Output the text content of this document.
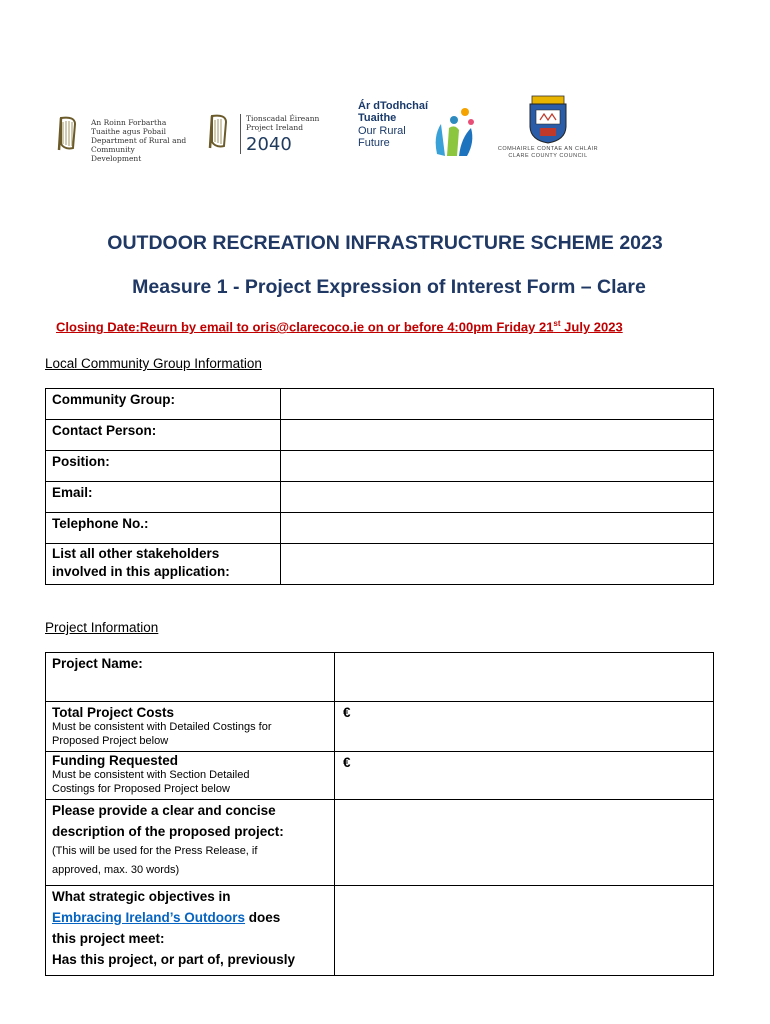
An Roinn Forbartha
Tuaithe agus Pobail
Department of Rural and
Community Development
Tionscadal Éireann
Project Ireland
2040
Ár dTodhchaí
Tuaithe
Our Rural
Future	COMHAIRLE CONTAE AN CHLÁIR
CLARE COUNTY COUNCIL
OUTDOOR RECREATION INFRASTRUCTURE SCHEME 2023
Measure 1 - Project Expression of Interest Form – Clare
Closing Date:Reurn by email to oris@clarecoco.ie on or before 4:00pm Friday 21st July 2023
Local Community Group Information
Community Group:	
Contact Person:	
Position:	
Email:	
Telephone No.:	

List all other stakeholders
involved in this application:	

Project Information
Project Name:	

Total Project Costs
Must be consistent with Detailed Costings for
Proposed Project below	€

Funding Requested
Must be consistent with Section Detailed
Costings for Proposed Project below	€

Please provide a clear and concise
description of the proposed project:
(This will be used for the Press Release, if
approved, max. 30 words)	

What strategic objectives in
Embracing Ireland’s Outdoors does
this project meet:
Has this project, or part of, previously	
